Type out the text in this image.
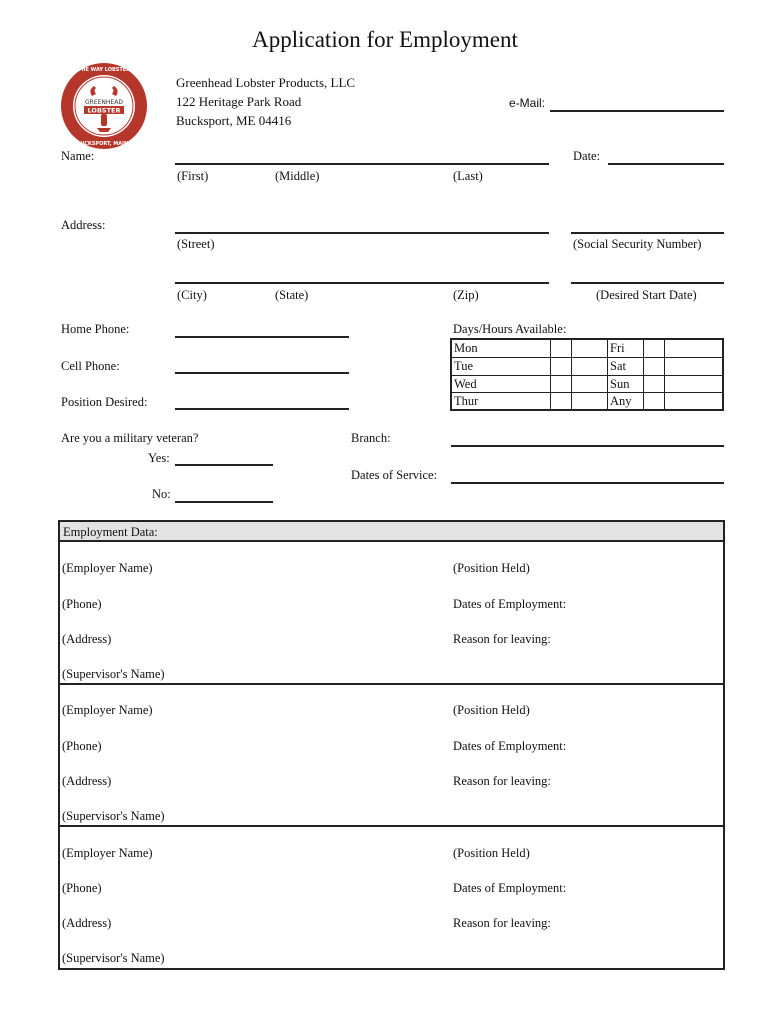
Application for Employment
THE WAY LOBSTER
BUCKSPORT, MAINE
GREENHEAD
LOBSTER
Greenhead Lobster Products, LLC
122 Heritage Park Road
Bucksport, ME 04416
e-Mail:
Name:	Date:
(First)	(Middle)	(Last)
Address:
(Street)	(Social Security Number)
(City)	(State)	(Zip)	(Desired Start Date)
Home Phone:
Cell Phone:
Position Desired:
Days/Hours Available:
Mon	Fri
Tue	Sat
Wed	Sun
Thur	Any
Are you a military veteran?
Yes:
No:
Branch:
Dates of Service:
Employment Data:
(Employer Name)	(Position Held)
(Phone)	Dates of Employment:
(Address)	Reason for leaving:
(Supervisor's Name)
(Employer Name)	(Position Held)
(Phone)	Dates of Employment:
(Address)	Reason for leaving:
(Supervisor's Name)
(Employer Name)	(Position Held)
(Phone)	Dates of Employment:
(Address)	Reason for leaving:
(Supervisor's Name)
